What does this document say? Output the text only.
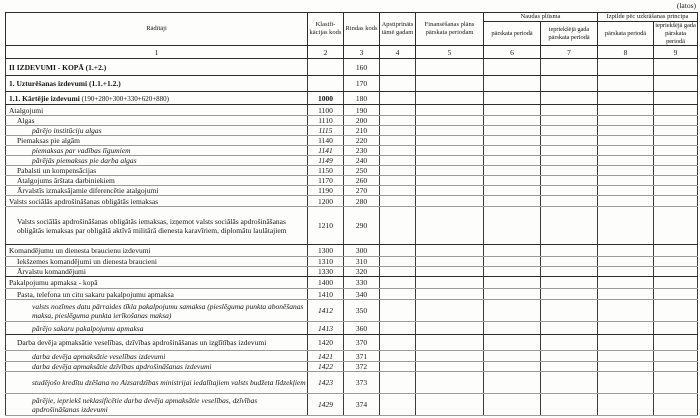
(latos)
Rādītāji	Klasifi-kācijas kods	Rindas kods	Apstiprināts tāmē gadam	Finansēšanas plāns pārskata periodam	Naudas plūsma		Izpilde pēc uzkrāšanas principa	
					pārskata periodā	iepriekšējā gada pārskata periodā	pārskata periodā	iepriekšējā gada pārskata periodā
1	2	3	4	5	6	7	8	9
II IZDEVUMI - KOPĀ (1.+2.)		160						
1. Uzturēšanas izdevumi (1.1.+1.2.)		170						
1.1. Kārtējie izdevumi (190+280+300+330+620+880)	1000	180						
Atalgojumi	1100	190						
Algas	1110	200						
pārējo institūciju algas	1115	210						
Piemaksas pie algām	1140	220						
piemaksas par vadības līgumiem	1141	230						
pārējās piemaksas pie darba algas	1149	240						
Pabalsti un kompensācijas	1150	250						
Atalgojums ārštata darbiniekiem	1170	260						
Ārvalstīs izmaksājamie diferencētie atalgojumi	1190	270						
Valsts sociālās apdrošināšanas obligātās iemaksas	1200	280						
Valsts sociālās apdrošināšanas obligātās iemaksas, izņemot valsts sociālās apdrošināšanas obligātās iemaksas par obligātā aktīvā militārā dienesta karavīriem, diplomātu laulātajiem	1210	290						
Komandējumu un dienesta braucienu izdevumi	1300	300						
Iekšzemes komandējumi un dienesta braucieni	1310	310						
Ārvalstu komandējumi	1330	320						
Pakalpojumu apmaksa - kopā	1400	330						
Pasta, telefona un citu sakaru pakalpojumu apmaksa	1410	340						
valsts nozīmes datu pārraides tīkla pakalpojumu samaksa (pieslēguma punkta abonēšanas maksa, pieslēguma punkta ierīkošanas maksa)	1412	350						
pārējo sakaru pakalpojumu apmaksa	1413	360						
Darba devēja apmaksātie veselības, dzīvības apdrošināšanas un izglītības izdevumi	1420	370						
darba devēja apmaksātie veselības izdevumi	1421	371						
darba devēja apmaksātie dzīvības apdrošināšanas izdevumi	1422	372						
studējošo kredītu dzēšana no Aizsardzības ministrijai iedalītajiem valsts budžeta līdzekļiem	1423	373						
pārējie, iepriekš neklasificētie darba devēja apmaksātie veselības, dzīvības apdrošināšanas izdevumi	1429	374						
